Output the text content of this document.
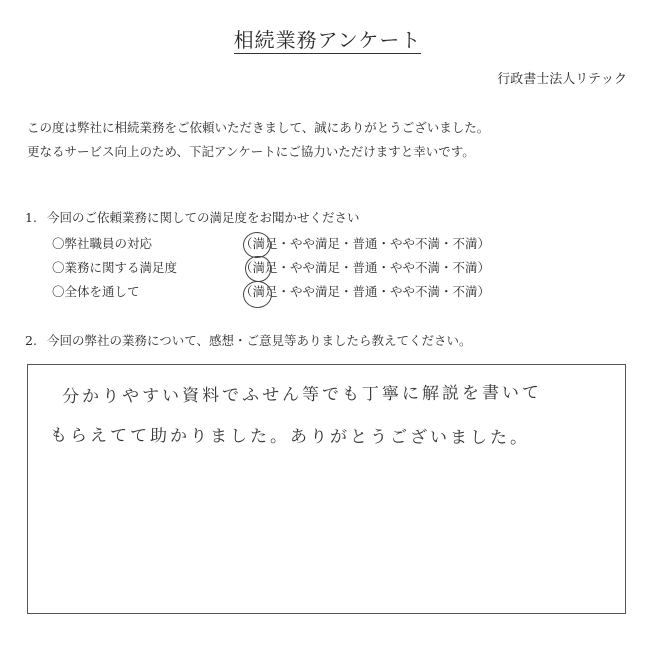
相続業務アンケート
行政書士法人リテック
この度は弊社に相続業務をご依頼いただきまして、誠にありがとうございました。
更なるサービス向上のため、下記アンケートにご協力いただけますと幸いです。
1. 今回のご依頼業務に関しての満足度をお聞かせください
〇弊社職員の対応	（満足・やや満足・普通・やや不満・不満）
〇業務に関する満足度	（満足・やや満足・普通・やや不満・不満）
〇全体を通して	（満足・やや満足・普通・やや不満・不満）
2. 今回の弊社の業務について、感想・ご意見等ありましたら教えてください。
分かりやすい資料でふせん等でも丁寧に解説を書いて
もらえてて助かりました。ありがとうございました。
